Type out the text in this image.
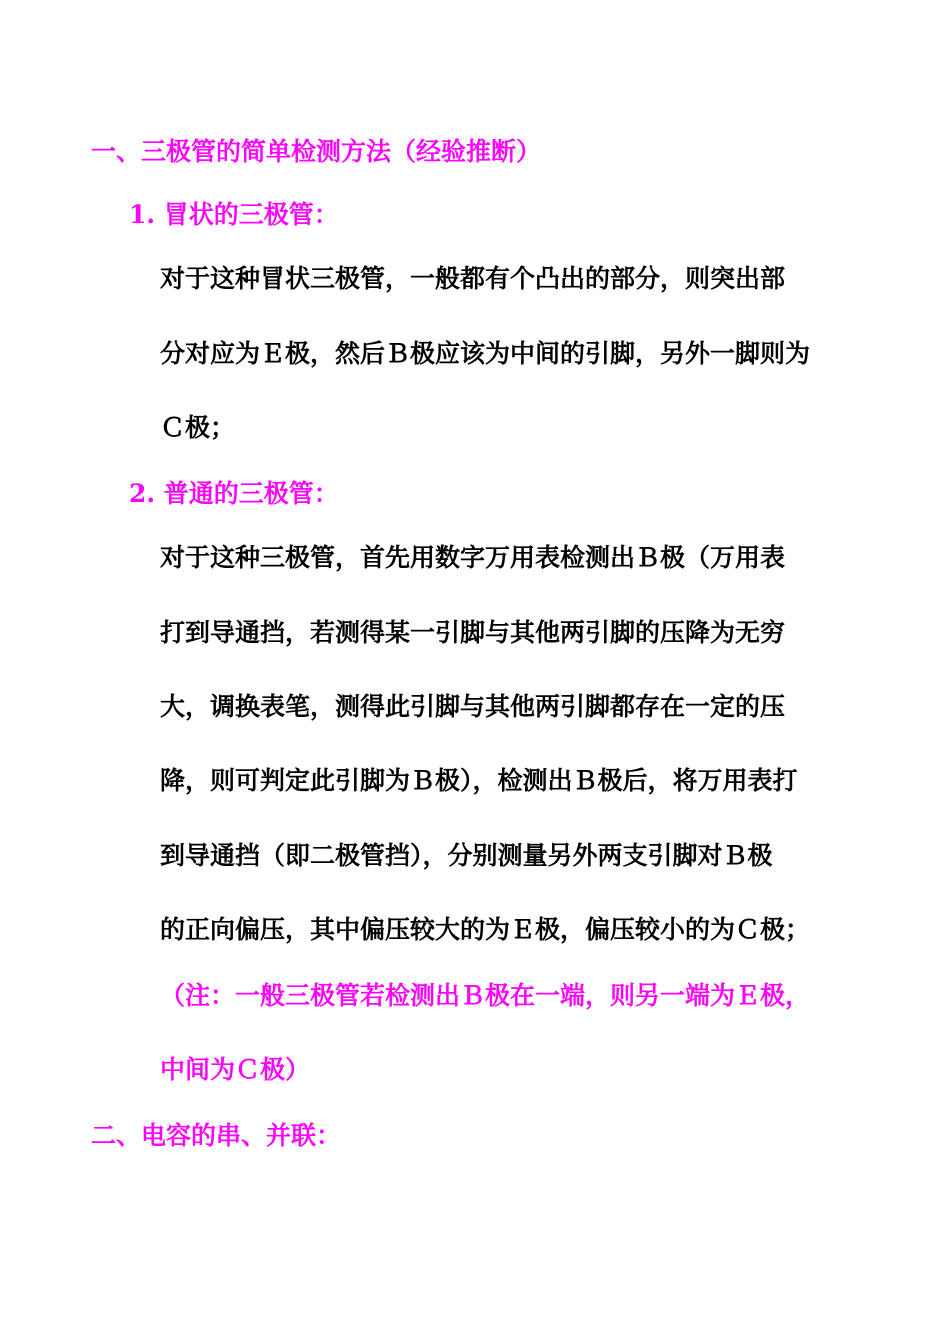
一、三极管的简单检测方法（经验推断）
1. 冒状的三极管：
对于这种冒状三极管，一般都有个凸出的部分，则突出部
分对应为Ｅ极，然后Ｂ极应该为中间的引脚，另外一脚则为
Ｃ极；
2. 普通的三极管：
对于这种三极管，首先用数字万用表检测出Ｂ极（万用表
打到导通挡，若测得某一引脚与其他两引脚的压降为无穷
大，调换表笔，测得此引脚与其他两引脚都存在一定的压
降，则可判定此引脚为Ｂ极），检测出Ｂ极后，将万用表打
到导通挡（即二极管挡），分别测量另外两支引脚对Ｂ极
的正向偏压，其中偏压较大的为Ｅ极，偏压较小的为Ｃ极；
（注：一般三极管若检测出Ｂ极在一端，则另一端为Ｅ极，
中间为Ｃ极）
二、电容的串、并联：
